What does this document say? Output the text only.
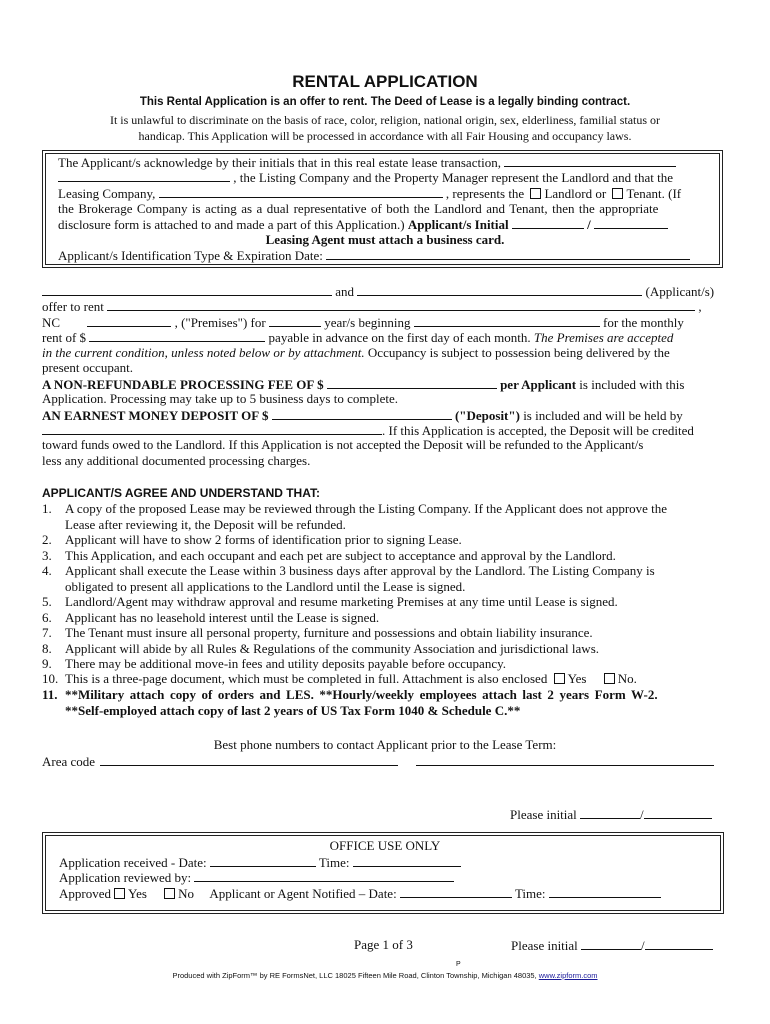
RENTAL APPLICATION
This Rental Application is an offer to rent. The Deed of Lease is a legally binding contract.
It is unlawful to discriminate on the basis of race, color, religion, national origin, sex, elderliness, familial status or
handicap. This Application will be processed in accordance with all Fair Housing and occupancy laws.
The Applicant/s acknowledge by their initials that in this real estate lease transaction,
, the Listing Company and the Property Manager represent the Landlord and that the
Leasing Company,	, represents the Landlord or Tenant. (If
the Brokerage Company is acting as a dual representative of both the Landlord and Tenant, then the appropriate
disclosure form is attached to and made a part of this Application.) Applicant/s Initial	/
Leasing Agent must attach a business card.
Applicant/s Identification Type & Expiration Date:
and	(Applicant/s)
offer to rent	,
NC	, ("Premises") for	year/s beginning	for the monthly
rent of $	payable in advance on the first day of each month. The Premises are accepted
in the current condition, unless noted below or by attachment. Occupancy is subject to possession being delivered by the
present occupant.
A NON-REFUNDABLE PROCESSING FEE OF $	per Applicant is included with this
Application. Processing may take up to 5 business days to complete.
AN EARNEST MONEY DEPOSIT OF $	("Deposit") is included and will be held by
. If this Application is accepted, the Deposit will be credited
toward funds owed to the Landlord. If this Application is not accepted the Deposit will be refunded to the Applicant/s
less any additional documented processing charges.
APPLICANT/S AGREE AND UNDERSTAND THAT:
1. A copy of the proposed Lease may be reviewed through the Listing Company. If the Applicant does not approve the
Lease after reviewing it, the Deposit will be refunded.
2. Applicant will have to show 2 forms of identification prior to signing Lease.
3. This Application, and each occupant and each pet are subject to acceptance and approval by the Landlord.
4. Applicant shall execute the Lease within 3 business days after approval by the Landlord. The Listing Company is
obligated to present all applications to the Landlord until the Lease is signed.
5. Landlord/Agent may withdraw approval and resume marketing Premises at any time until Lease is signed.
6. Applicant has no leasehold interest until the Lease is signed.
7. The Tenant must insure all personal property, furniture and possessions and obtain liability insurance.
8. Applicant will abide by all Rules & Regulations of the community Association and jurisdictional laws.
9. There may be additional move-in fees and utility deposits payable before occupancy.
10. This is a three-page document, which must be completed in full. Attachment is also enclosed Yes No.
11. **Military attach copy of orders and LES. **Hourly/weekly employees attach last 2 years Form W-2.
**Self-employed attach copy of last 2 years of US Tax Form 1040 & Schedule C.**
Best phone numbers to contact Applicant prior to the Lease Term:
Area code
Please initial	/
OFFICE USE ONLY
Application received - Date:	Time:
Application reviewed by:
Approved Yes No Applicant or Agent Notified – Date:	Time:
Page 1 of 3	Please initial	/
P
Produced with ZipForm™ by RE FormsNet, LLC 18025 Fifteen Mile Road, Clinton Township, Michigan 48035, www.zipform.com
